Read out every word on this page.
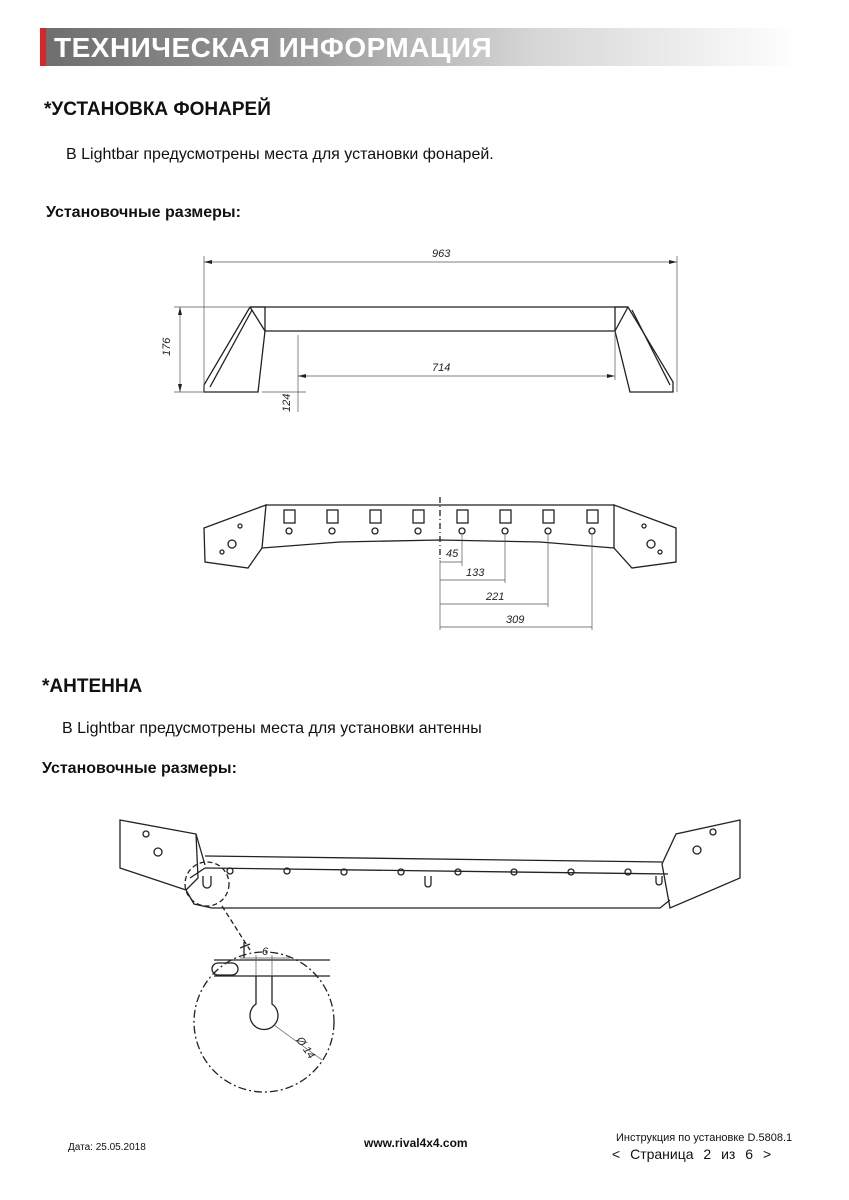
ТЕХНИЧЕСКАЯ ИНФОРМАЦИЯ
*УСТАНОВКА ФОНАРЕЙ
В Lightbar предусмотрены места для установки фонарей.
Установочные размеры:
*АНТЕННА
В Lightbar предусмотрены места для установки антенны
Установочные размеры:
963
714
176
124
45
133
221
309
6
Ø 14
Дата: 25.05.2018	www.rival4x4.com	Инструкция по установке D.5808.1
< Страница 2 из 6 >
